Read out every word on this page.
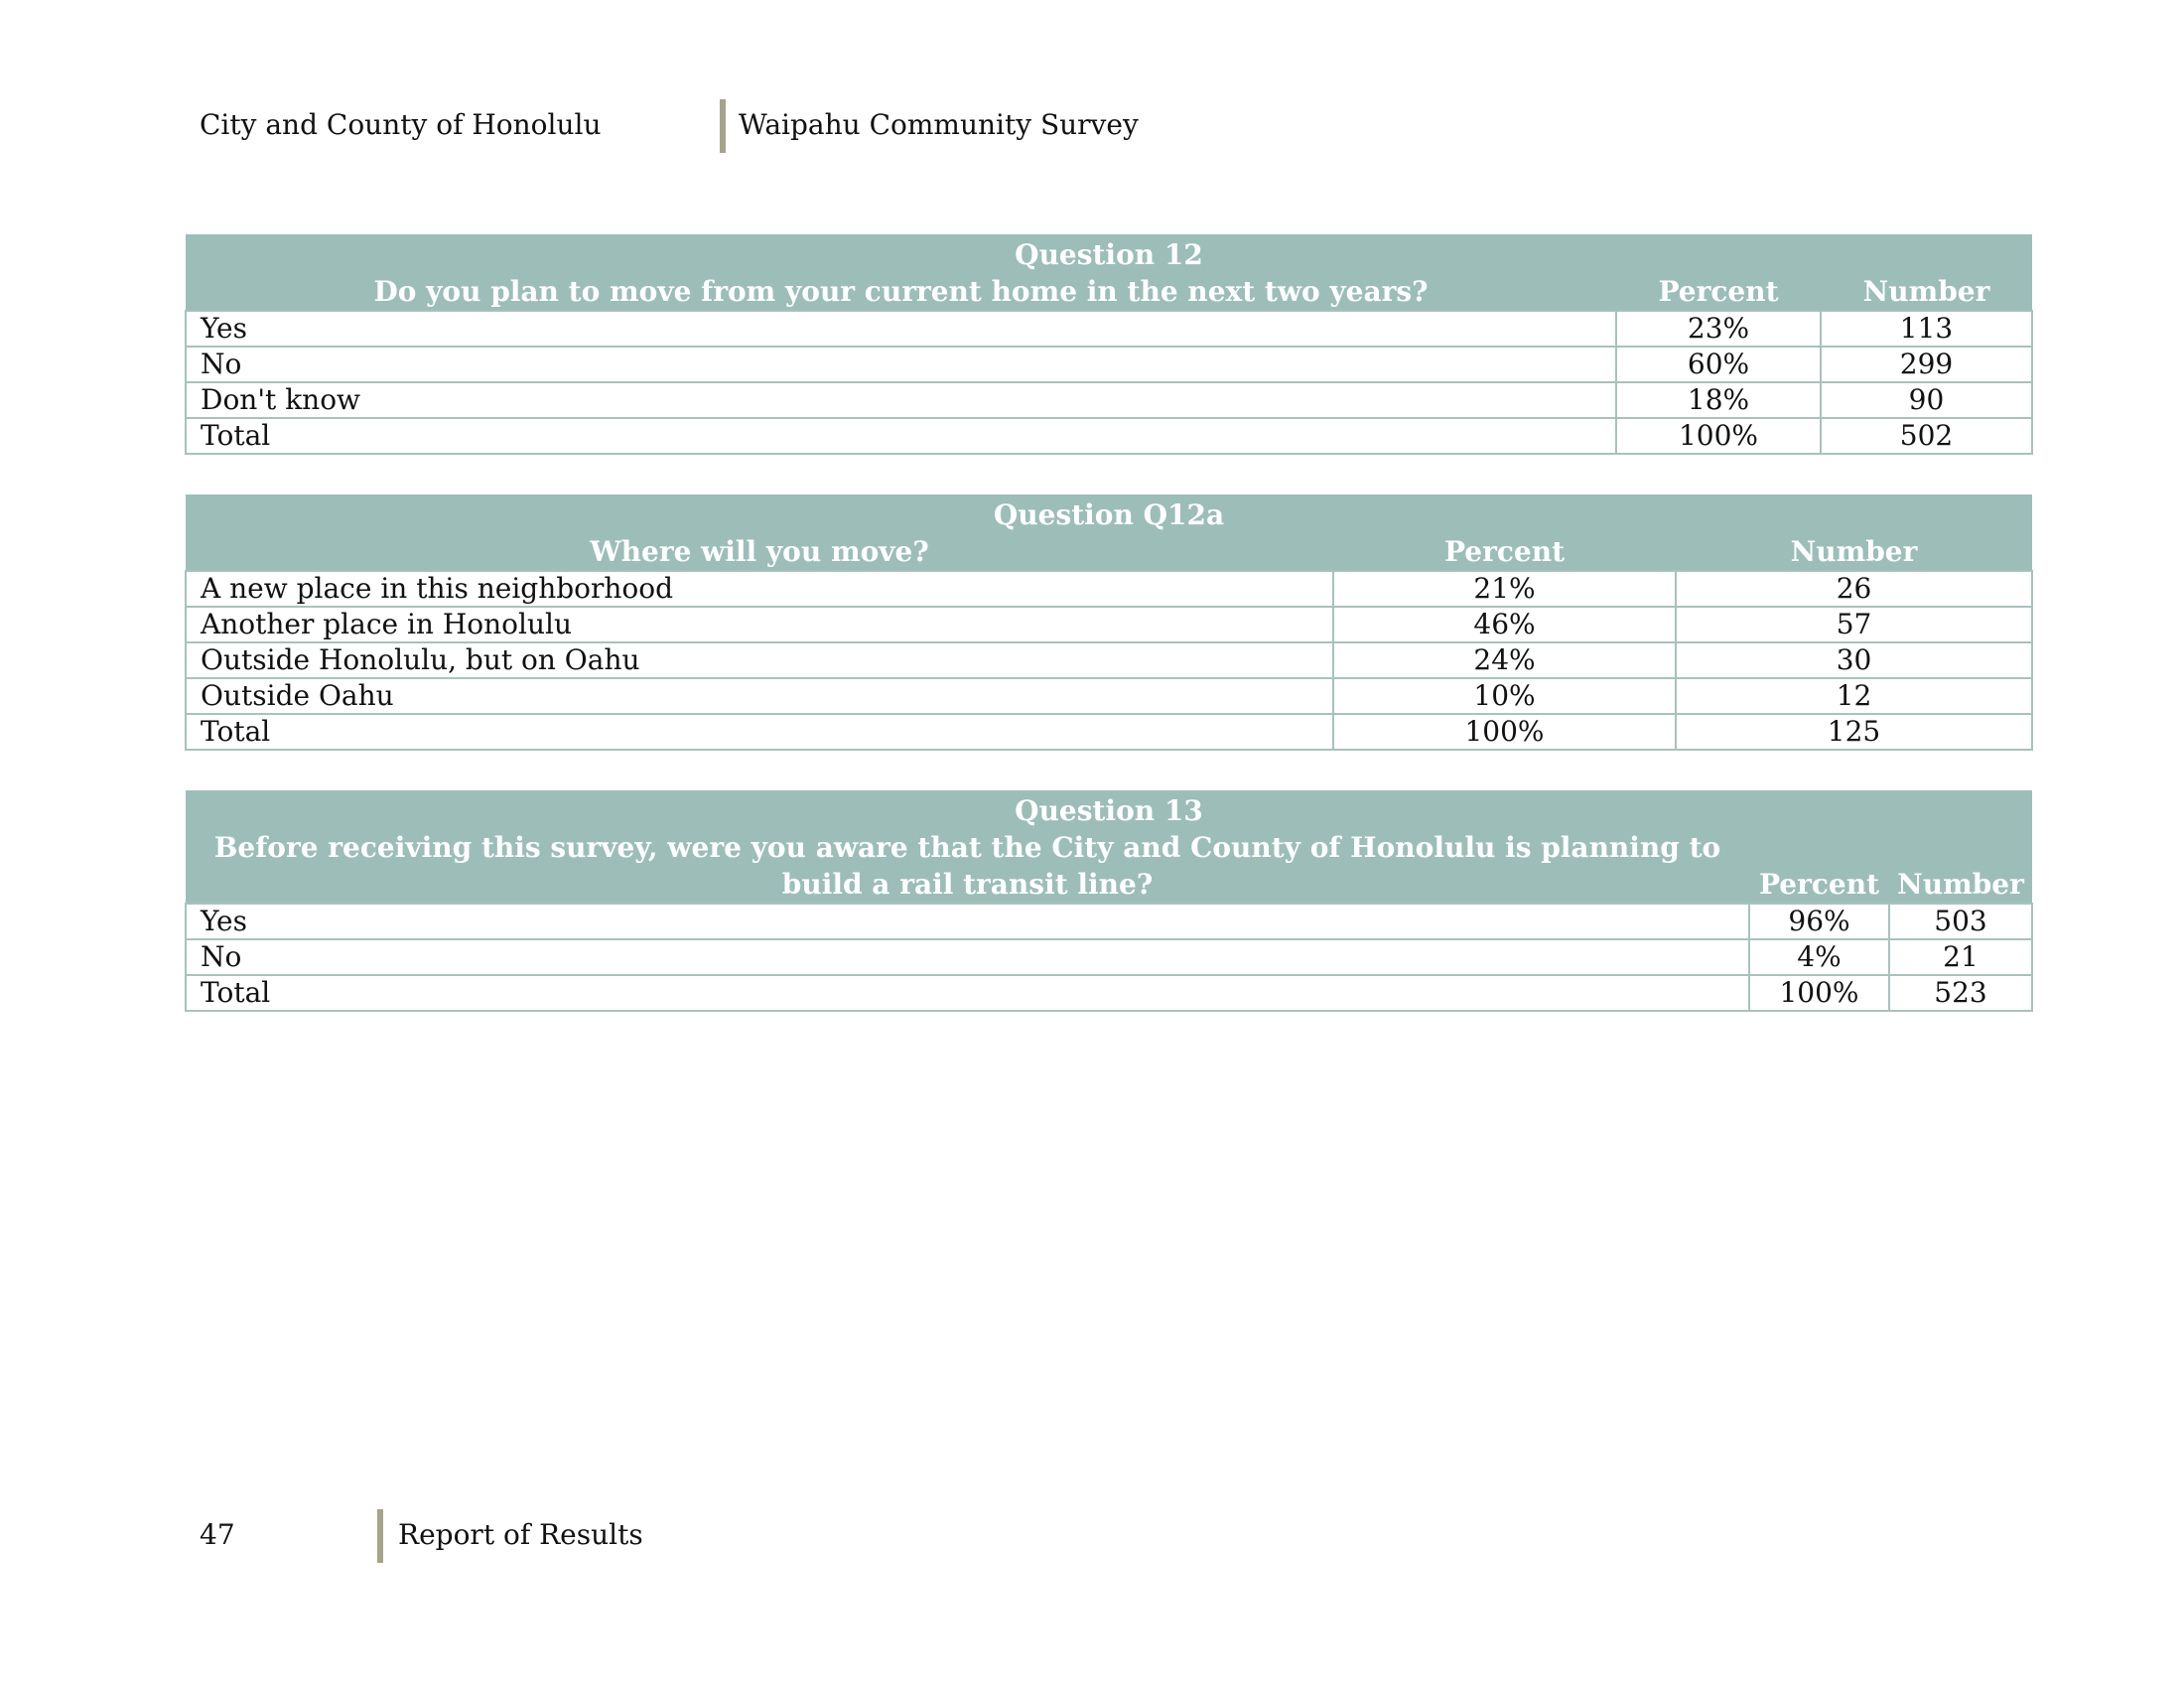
City and County of Honolulu	Waipahu Community Survey
Question 12		
Do you plan to move from your current home in the next two years?	Percent	Number
Yes	23%	113
No	60%	299
Don't know	18%	90
Total	100%	502
Question Q12a		
Where will you move?	Percent	Number
A new place in this neighborhood	21%	26
Another place in Honolulu	46%	57
Outside Honolulu, but on Oahu	24%	30
Outside Oahu	10%	12
Total	100%	125
Question 13		
Before receiving this survey, were you aware that the City and County of Honolulu is planning to build a rail transit line?	Percent	Number
Yes	96%	503
No	4%	21
Total	100%	523
47	Report of Results
